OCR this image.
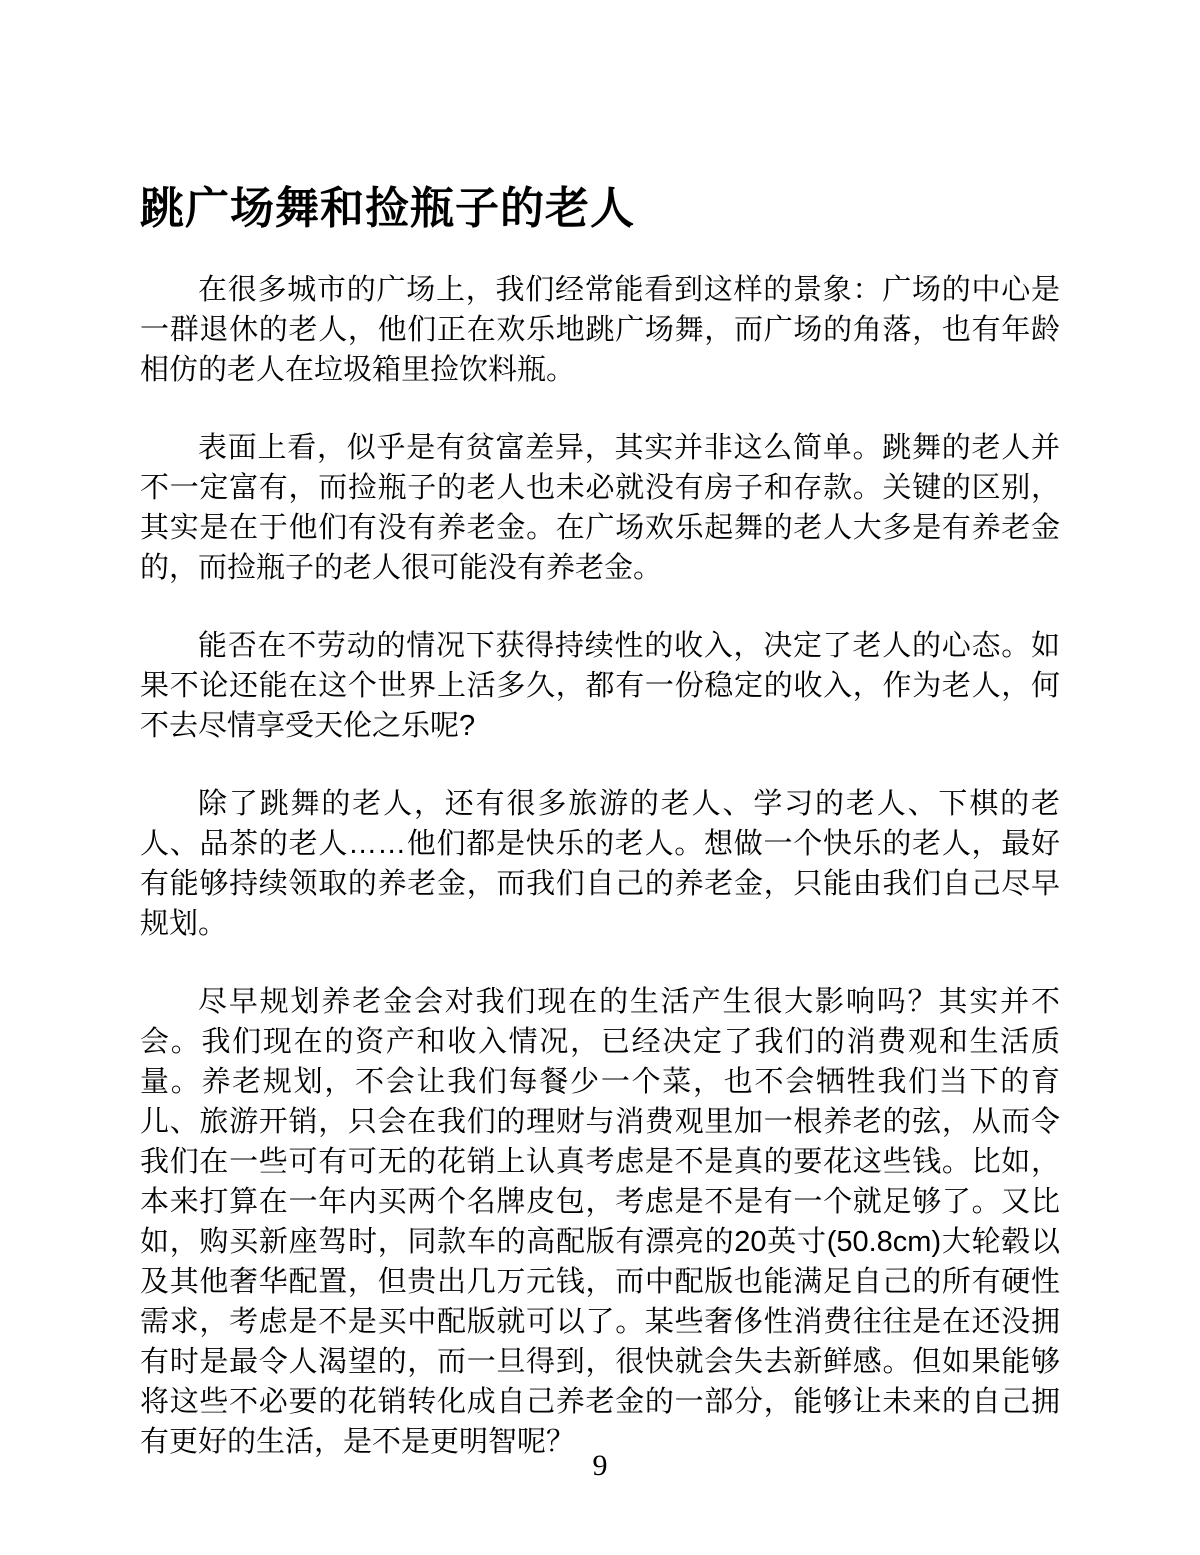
跳广场舞和捡瓶子的老人

在很多城市的广场上，我们经常能看到这样的景象：广场的中心是一群退休的老人，他们正在欢乐地跳广场舞，而广场的角落，也有年龄相仿的老人在垃圾箱里捡饮料瓶。

表面上看，似乎是有贫富差异，其实并非这么简单。跳舞的老人并不一定富有，而捡瓶子的老人也未必就没有房子和存款。关键的区别，其实是在于他们有没有养老金。在广场欢乐起舞的老人大多是有养老金的，而捡瓶子的老人很可能没有养老金。

能否在不劳动的情况下获得持续性的收入，决定了老人的心态。如果不论还能在这个世界上活多久，都有一份稳定的收入，作为老人，何不去尽情享受天伦之乐呢?

除了跳舞的老人，还有很多旅游的老人、学习的老人、下棋的老人、品茶的老人……他们都是快乐的老人。想做一个快乐的老人，最好有能够持续领取的养老金，而我们自己的养老金，只能由我们自己尽早规划。

尽早规划养老金会对我们现在的生活产生很大影响吗？其实并不会。我们现在的资产和收入情况，已经决定了我们的消费观和生活质量。养老规划，不会让我们每餐少一个菜，也不会牺牲我们当下的育儿、旅游开销，只会在我们的理财与消费观里加一根养老的弦，从而令我们在一些可有可无的花销上认真考虑是不是真的要花这些钱。比如，本来打算在一年内买两个名牌皮包，考虑是不是有一个就足够了。又比如，购买新座驾时，同款车的高配版有漂亮的20英寸(50.8cm)大轮毂以及其他奢华配置，但贵出几万元钱，而中配版也能满足自己的所有硬性需求，考虑是不是买中配版就可以了。某些奢侈性消费往往是在还没拥有时是最令人渴望的，而一旦得到，很快就会失去新鲜感。但如果能够将这些不必要的花销转化成自己养老金的一部分，能够让未来的自己拥有更好的生活，是不是更明智呢？

9
